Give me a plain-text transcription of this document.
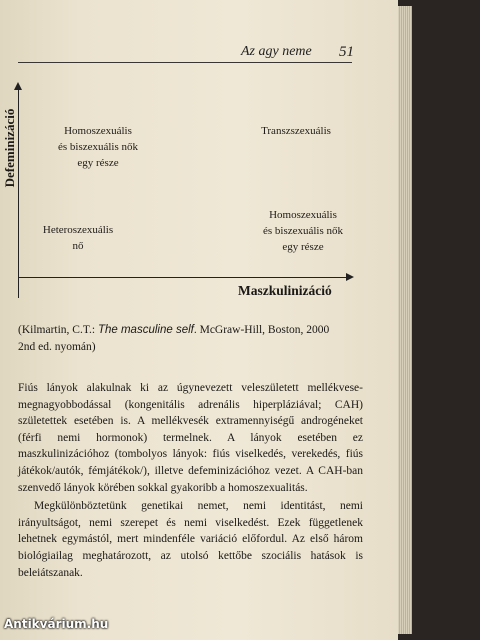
Az agy neme 51
Defeminizáció
Maszkulinizáció
Homoszexuális
és biszexuális nők
egy része
Transzszexuális
Heteroszexuális
nő
Homoszexuális
és biszexuális nők
egy része
(Kilmartin, C.T.: The masculine self. McGraw-Hill, Boston, 2000
2nd ed. nyomán)

Fiús lányok alakulnak ki az úgynevezett veleszületett mellékvese-megnagyobbodással (kongenitális adrenális hiperpláziával; CAH) születettek esetében is. A mellékvesék extramennyiségű androgéneket (férfi nemi hormonok) termelnek. A lányok esetében ez maszkulinizációhoz (tombolyos lányok: fiús viselkedés, verekedés, fiús játékok/autók, fémjátékok/), illetve defeminizációhoz vezet. A CAH-ban szenvedő lányok körében sokkal gyakoribb a homoszexualitás.

Megkülönböztetünk genetikai nemet, nemi identitást, nemi irányultságot, nemi szerepet és nemi viselkedést. Ezek függetlenek lehetnek egymástól, mert mindenféle variáció előfordul. Az első három biológiailag meghatározott, az utolsó kettőbe szociális hatások is beleiátszanak.

Antikvárium.hu
